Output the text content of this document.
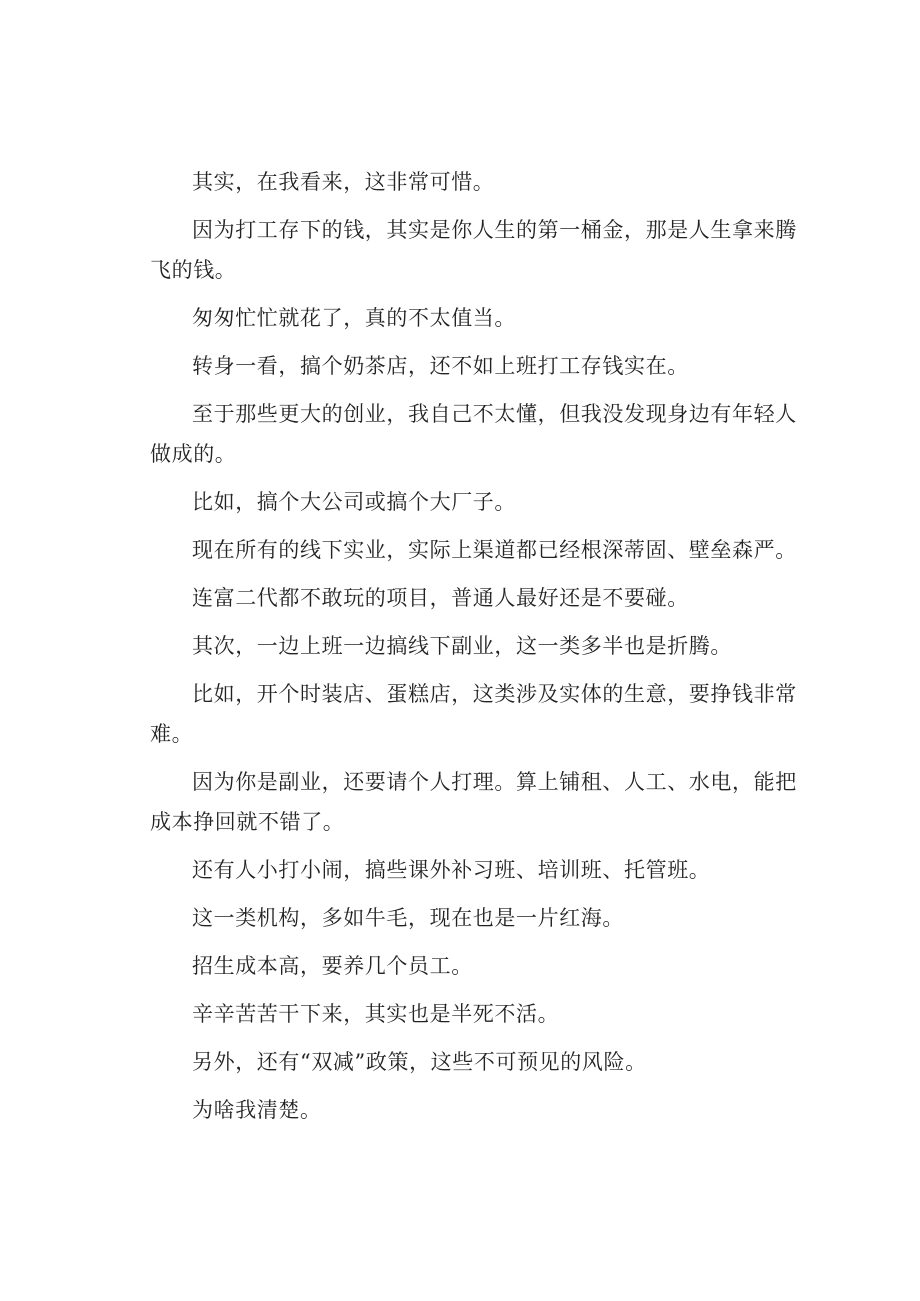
其实，在我看来，这非常可惜。

因为打工存下的钱，其实是你人生的第一桶金，那是人生拿来腾飞的钱。

匆匆忙忙就花了，真的不太值当。

转身一看，搞个奶茶店，还不如上班打工存钱实在。

至于那些更大的创业，我自己不太懂，但我没发现身边有年轻人做成的。

比如，搞个大公司或搞个大厂子。

现在所有的线下实业，实际上渠道都已经根深蒂固、壁垒森严。

连富二代都不敢玩的项目，普通人最好还是不要碰。

其次，一边上班一边搞线下副业，这一类多半也是折腾。

比如，开个时装店、蛋糕店，这类涉及实体的生意，要挣钱非常难。

因为你是副业，还要请个人打理。算上铺租、人工、水电，能把成本挣回就不错了。

还有人小打小闹，搞些课外补习班、培训班、托管班。

这一类机构，多如牛毛，现在也是一片红海。

招生成本高，要养几个员工。

辛辛苦苦干下来，其实也是半死不活。

另外，还有“双减”政策，这些不可预见的风险。

为啥我清楚。
